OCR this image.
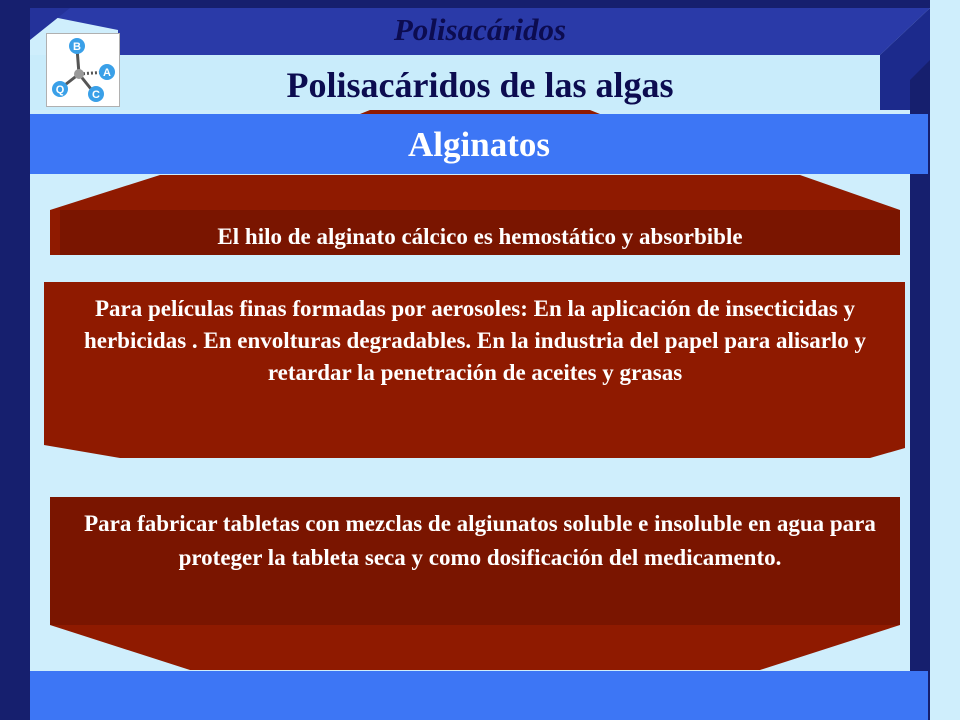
B
A
C
Q
Polisacáridos
Polisacáridos de las algas
Alginatos
El hilo de alginato cálcico es hemostático y absorbible
Para películas finas formadas por aerosoles: En la aplicación de insecticidas y herbicidas . En envolturas degradables. En la industria del papel para alisarlo y retardar la penetración de aceites y grasas
Para fabricar tabletas con mezclas de algiunatos soluble e insoluble en agua para proteger la tableta seca y como dosificación del medicamento.
